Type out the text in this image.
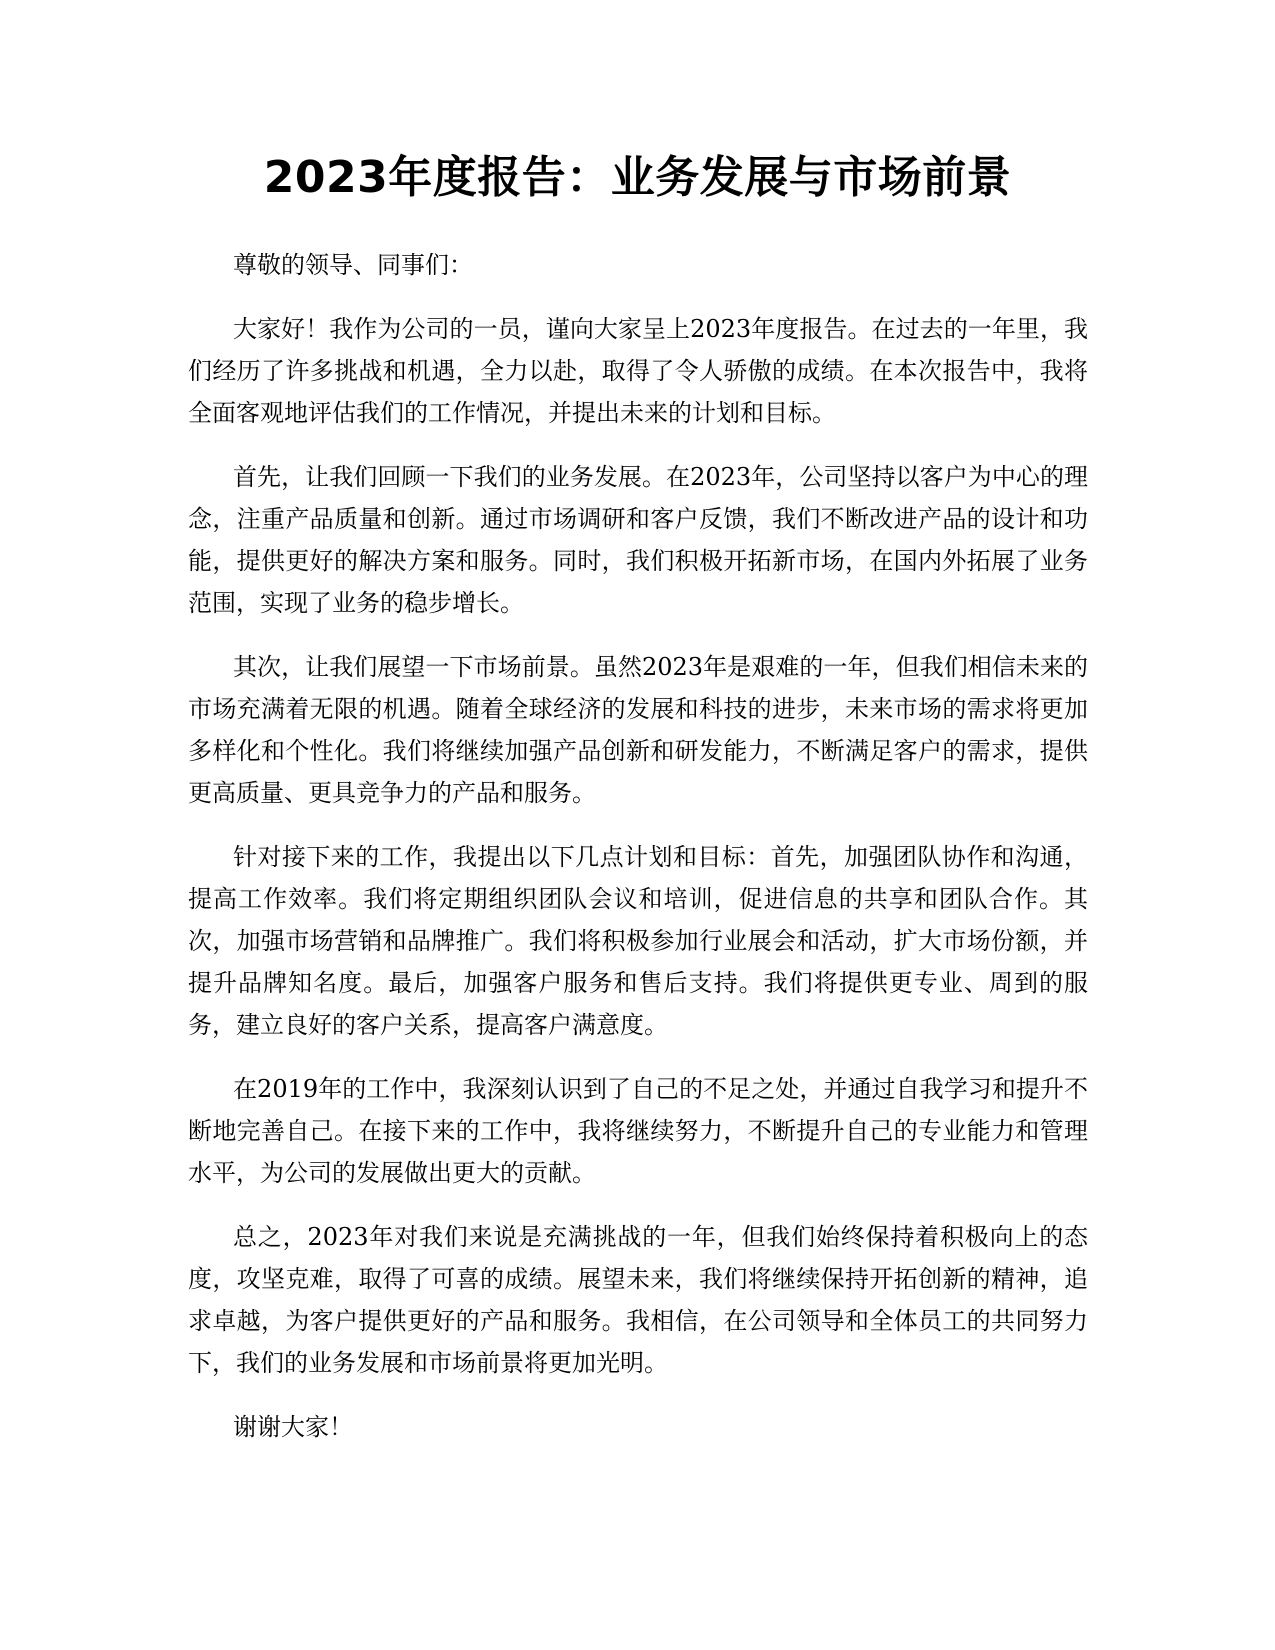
2023年度报告：业务发展与市场前景

尊敬的领导、同事们：

大家好！我作为公司的一员，谨向大家呈上2023年度报告。在过去的一年里，我们经历了许多挑战和机遇，全力以赴，取得了令人骄傲的成绩。在本次报告中，我将全面客观地评估我们的工作情况，并提出未来的计划和目标。

首先，让我们回顾一下我们的业务发展。在2023年，公司坚持以客户为中心的理念，注重产品质量和创新。通过市场调研和客户反馈，我们不断改进产品的设计和功能，提供更好的解决方案和服务。同时，我们积极开拓新市场，在国内外拓展了业务范围，实现了业务的稳步增长。

其次，让我们展望一下市场前景。虽然2023年是艰难的一年，但我们相信未来的市场充满着无限的机遇。随着全球经济的发展和科技的进步，未来市场的需求将更加多样化和个性化。我们将继续加强产品创新和研发能力，不断满足客户的需求，提供更高质量、更具竞争力的产品和服务。

针对接下来的工作，我提出以下几点计划和目标：首先，加强团队协作和沟通，提高工作效率。我们将定期组织团队会议和培训，促进信息的共享和团队合作。其次，加强市场营销和品牌推广。我们将积极参加行业展会和活动，扩大市场份额，并提升品牌知名度。最后，加强客户服务和售后支持。我们将提供更专业、周到的服务，建立良好的客户关系，提高客户满意度。

在2019年的工作中，我深刻认识到了自己的不足之处，并通过自我学习和提升不断地完善自己。在接下来的工作中，我将继续努力，不断提升自己的专业能力和管理水平，为公司的发展做出更大的贡献。

总之，2023年对我们来说是充满挑战的一年，但我们始终保持着积极向上的态度，攻坚克难，取得了可喜的成绩。展望未来，我们将继续保持开拓创新的精神，追求卓越，为客户提供更好的产品和服务。我相信，在公司领导和全体员工的共同努力下，我们的业务发展和市场前景将更加光明。

谢谢大家！
